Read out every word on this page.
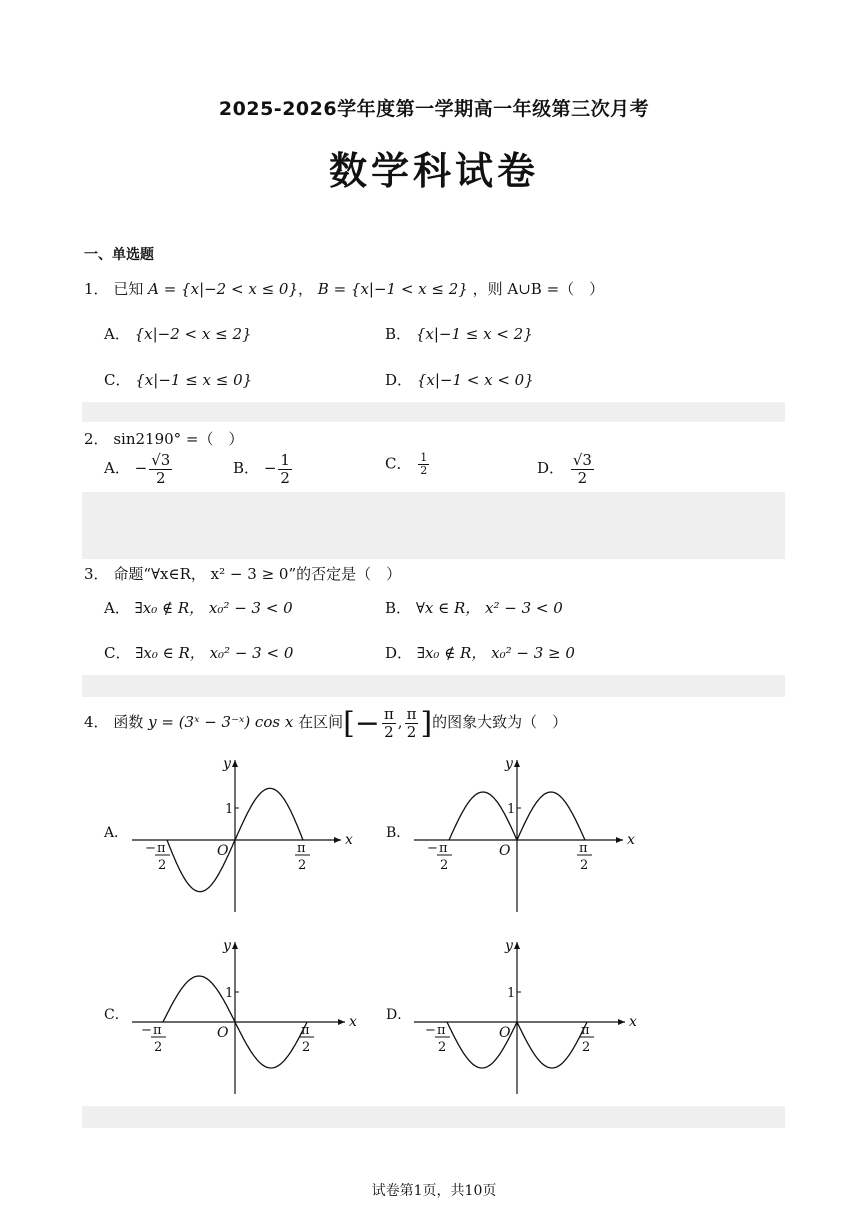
2025-2026学年度第一学期高一年级第三次月考
数学科试卷
一、单选题
1． 已知 A = {x|−2 < x ≤ 0}， B = {x|−1 < x ≤ 2} ，则 A∪B =（　）
A． {x|−2 < x ≤ 2}	B． {x|−1 ≤ x < 2}
C． {x|−1 ≤ x ≤ 0}	D． {x|−1 < x < 0}
2． sin2190° =（　）
A． − $\frac{√3}{2}$	B． − $\frac{1}{2}$	C． $\frac{1}{2}$	D． $\frac{√3}{2}$
3． 命题“∀x∈R， x² − 3 ≥ 0”的否定是（　）
A． ∃x₀ ∉ R， x₀² − 3 < 0	B． ∀x ∈ R， x² − 3 < 0
C． ∃x₀ ∈ R， x₀² − 3 < 0	D． ∃x₀ ∉ R， x₀² − 3 ≥ 0
4． 函数 y = (3ˣ − 3⁻ˣ) cos x 在区间[− $\frac{\pi}{2}$ , $\frac{\pi}{2}$ ]的图象大致为（　）
A．
y
x
O
1
− π
2
π
2
B．
y
x
O
1
− π
2
π
2
C．
y
x
O
1
− π
2
π
2
D．
y
x
O
1
− π
2
π
2
试卷第1页，共10页
